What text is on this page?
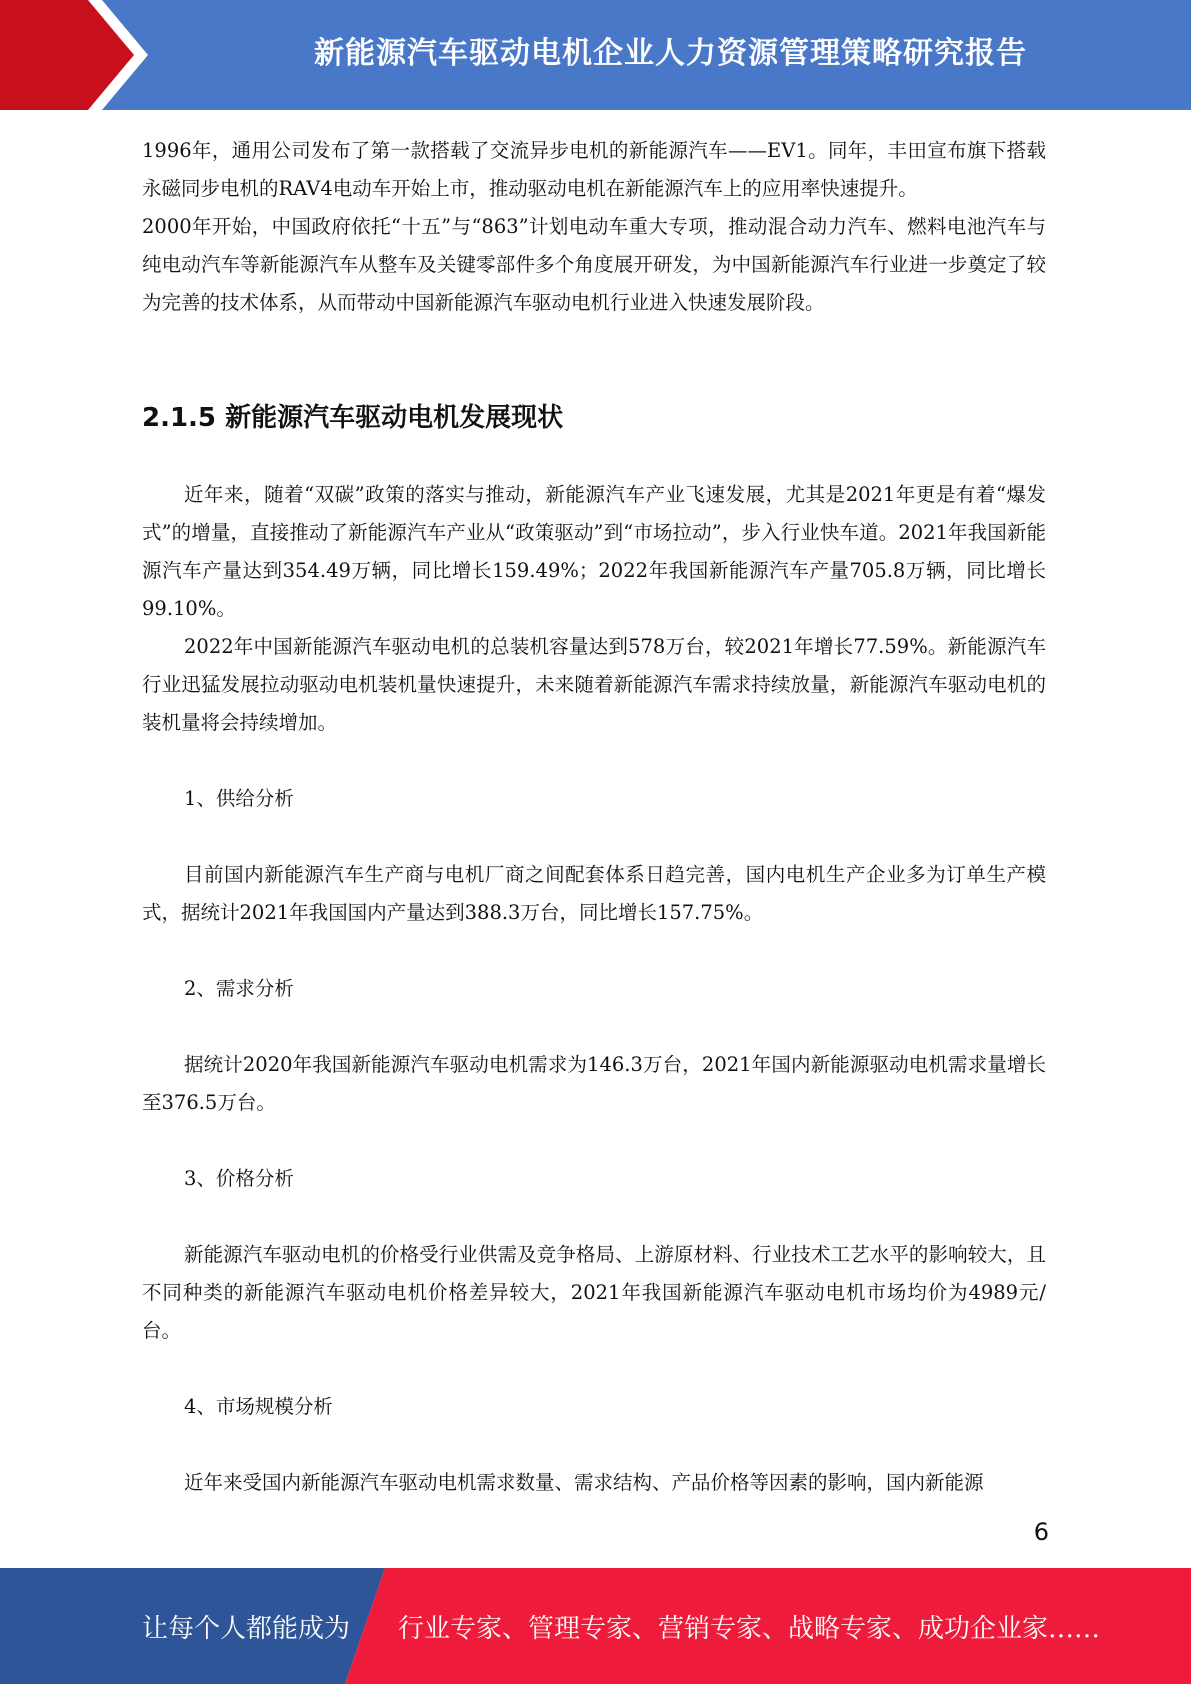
新能源汽车驱动电机企业人力资源管理策略研究报告

1996年，通用公司发布了第一款搭载了交流异步电机的新能源汽车——EV1。同年，丰田宣布旗下搭载永磁同步电机的RAV4电动车开始上市，推动驱动电机在新能源汽车上的应用率快速提升。

2000年开始，中国政府依托“十五”与“863”计划电动车重大专项，推动混合动力汽车、燃料电池汽车与纯电动汽车等新能源汽车从整车及关键零部件多个角度展开研发，为中国新能源汽车行业进一步奠定了较为完善的技术体系，从而带动中国新能源汽车驱动电机行业进入快速发展阶段。

2.1.5 新能源汽车驱动电机发展现状

近年来，随着“双碳”政策的落实与推动，新能源汽车产业飞速发展，尤其是2021年更是有着“爆发式”的增量，直接推动了新能源汽车产业从“政策驱动”到“市场拉动”，步入行业快车道。2021年我国新能源汽车产量达到354.49万辆，同比增长159.49%；2022年我国新能源汽车产量705.8万辆，同比增长99.10%。

2022年中国新能源汽车驱动电机的总装机容量达到578万台，较2021年增长77.59%。新能源汽车行业迅猛发展拉动驱动电机装机量快速提升，未来随着新能源汽车需求持续放量，新能源汽车驱动电机的装机量将会持续增加。

1、供给分析

目前国内新能源汽车生产商与电机厂商之间配套体系日趋完善，国内电机生产企业多为订单生产模式，据统计2021年我国国内产量达到388.3万台，同比增长157.75%。

2、需求分析

据统计2020年我国新能源汽车驱动电机需求为146.3万台，2021年国内新能源驱动电机需求量增长至376.5万台。

3、价格分析

新能源汽车驱动电机的价格受行业供需及竞争格局、上游原材料、行业技术工艺水平的影响较大，且不同种类的新能源汽车驱动电机价格差异较大，2021年我国新能源汽车驱动电机市场均价为4989元/台。

4、市场规模分析

近年来受国内新能源汽车驱动电机需求数量、需求结构、产品价格等因素的影响，国内新能源

6
让每个人都能成为 行业专家、管理专家、营销专家、战略专家、成功企业家……
